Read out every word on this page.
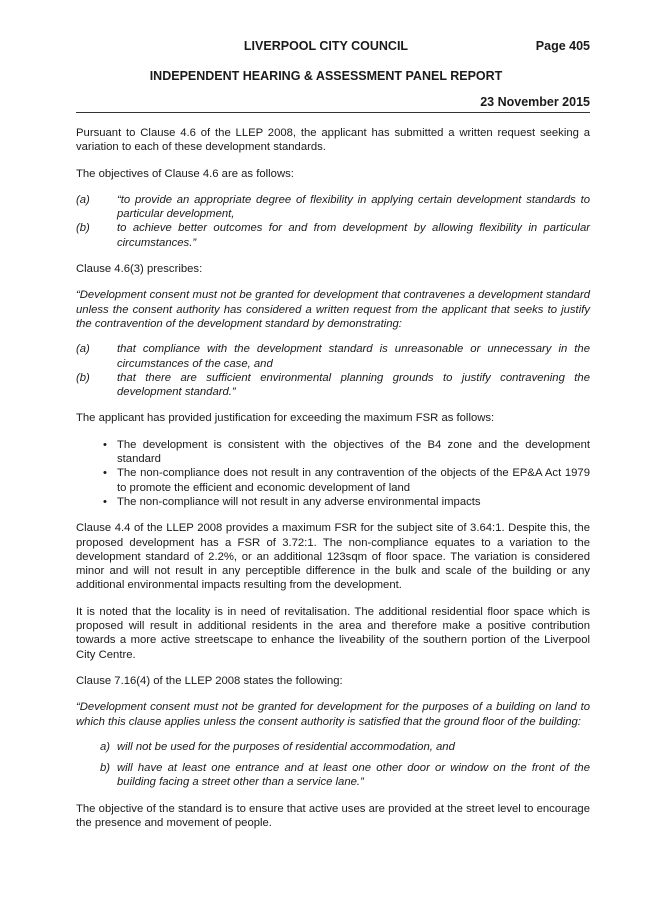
LIVERPOOL CITY COUNCIL	Page 405
INDEPENDENT HEARING & ASSESSMENT PANEL REPORT
23 November 2015

Pursuant to Clause 4.6 of the LLEP 2008, the applicant has submitted a written request seeking a variation to each of these development standards.

The objectives of Clause 4.6 are as follows:

(a) “to provide an appropriate degree of flexibility in applying certain development standards to particular development,
(b) to achieve better outcomes for and from development by allowing flexibility in particular circumstances.”

Clause 4.6(3) prescribes:

“Development consent must not be granted for development that contravenes a development standard unless the consent authority has considered a written request from the applicant that seeks to justify the contravention of the development standard by demonstrating:

(a) that compliance with the development standard is unreasonable or unnecessary in the circumstances of the case, and
(b) that there are sufficient environmental planning grounds to justify contravening the development standard.”

The applicant has provided justification for exceeding the maximum FSR as follows:

• The development is consistent with the objectives of the B4 zone and the development standard
• The non-compliance does not result in any contravention of the objects of the EP&A Act 1979 to promote the efficient and economic development of land
• The non-compliance will not result in any adverse environmental impacts

Clause 4.4 of the LLEP 2008 provides a maximum FSR for the subject site of 3.64:1. Despite this, the proposed development has a FSR of 3.72:1. The non-compliance equates to a variation to the development standard of 2.2%, or an additional 123sqm of floor space. The variation is considered minor and will not result in any perceptible difference in the bulk and scale of the building or any additional environmental impacts resulting from the development.

It is noted that the locality is in need of revitalisation. The additional residential floor space which is proposed will result in additional residents in the area and therefore make a positive contribution towards a more active streetscape to enhance the liveability of the southern portion of the Liverpool City Centre.

Clause 7.16(4) of the LLEP 2008 states the following:

“Development consent must not be granted for development for the purposes of a building on land to which this clause applies unless the consent authority is satisfied that the ground floor of the building:

a) will not be used for the purposes of residential accommodation, and
b) will have at least one entrance and at least one other door or window on the front of the building facing a street other than a service lane.”

The objective of the standard is to ensure that active uses are provided at the street level to encourage the presence and movement of people.
